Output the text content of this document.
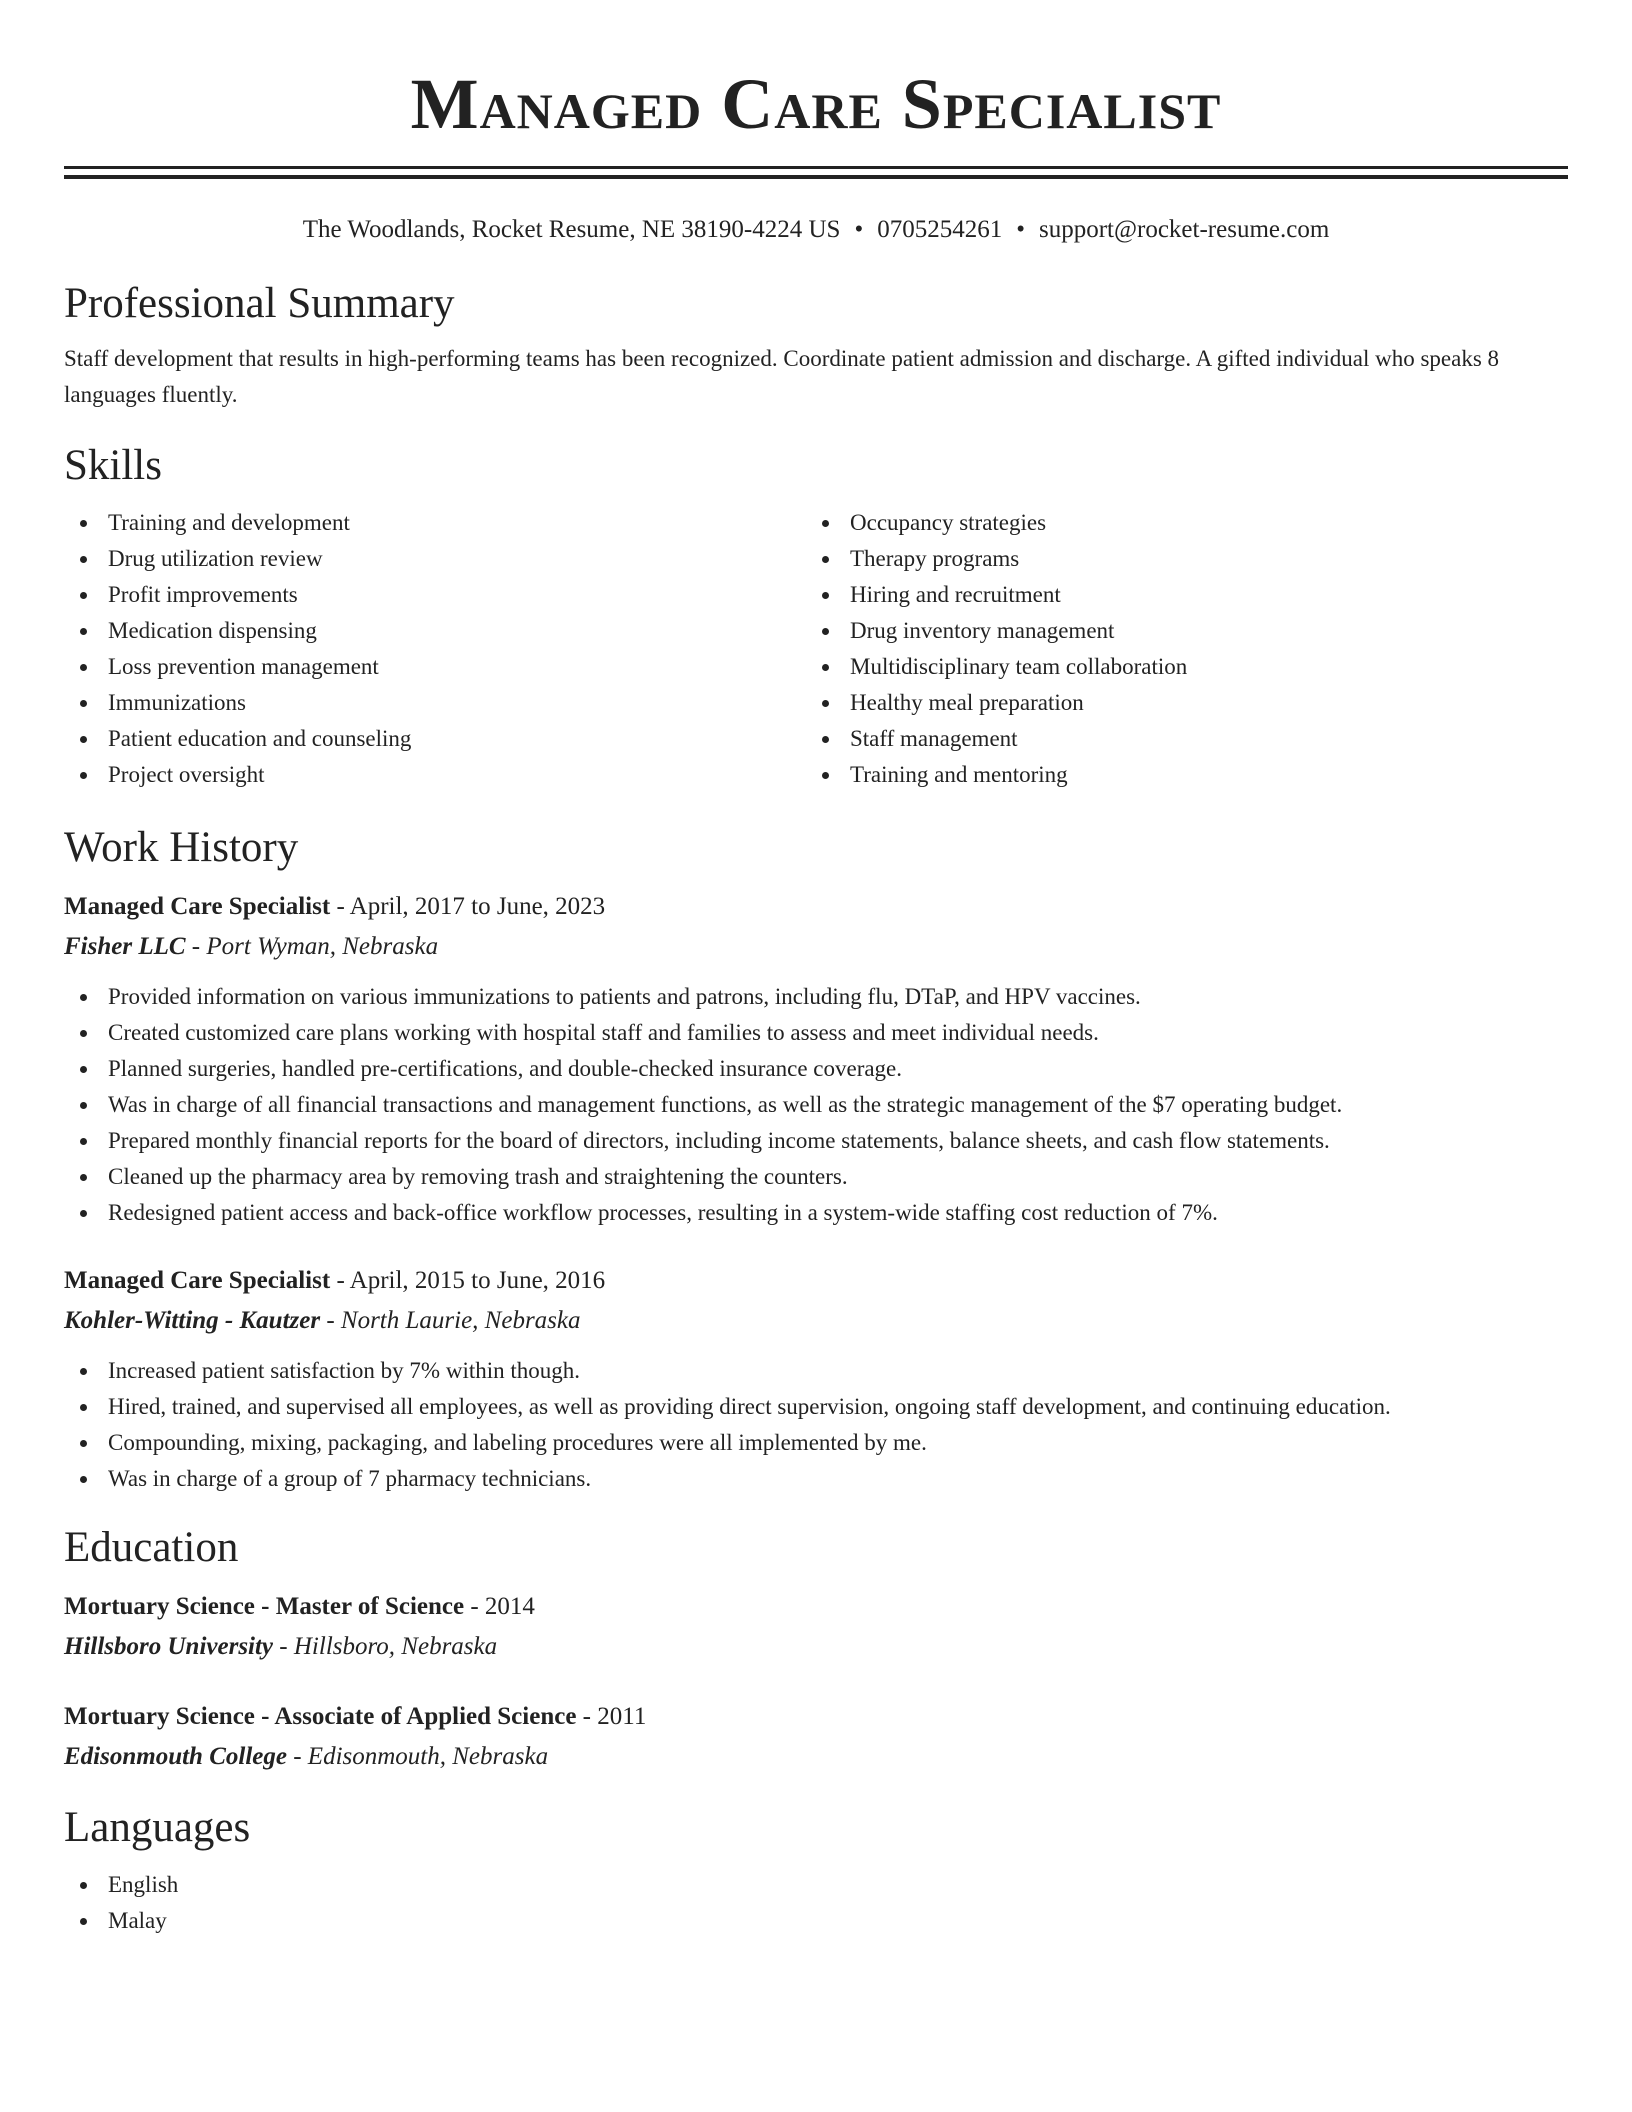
Managed Care Specialist
The Woodlands, Rocket Resume, NE 38190-4224 US • 0705254261 • support@rocket-resume.com
Professional Summary

Staff development that results in high-performing teams has been recognized. Coordinate patient admission and discharge. A gifted individual who speaks 8 languages fluently.

Skills
Training and development
Drug utilization review
Profit improvements
Medication dispensing
Loss prevention management
Immunizations
Patient education and counseling
Project oversight
Occupancy strategies
Therapy programs
Hiring and recruitment
Drug inventory management
Multidisciplinary team collaboration
Healthy meal preparation
Staff management
Training and mentoring
Work History

Managed Care Specialist - April, 2017 to June, 2023

Fisher LLC - Port Wyman, Nebraska

Provided information on various immunizations to patients and patrons, including flu, DTaP, and HPV vaccines.
Created customized care plans working with hospital staff and families to assess and meet individual needs.
Planned surgeries, handled pre-certifications, and double-checked insurance coverage.
Was in charge of all financial transactions and management functions, as well as the strategic management of the $7 operating budget.
Prepared monthly financial reports for the board of directors, including income statements, balance sheets, and cash flow statements.
Cleaned up the pharmacy area by removing trash and straightening the counters.
Redesigned patient access and back-office workflow processes, resulting in a system-wide staffing cost reduction of 7%.

Managed Care Specialist - April, 2015 to June, 2016

Kohler-Witting - Kautzer - North Laurie, Nebraska

Increased patient satisfaction by 7% within though.
Hired, trained, and supervised all employees, as well as providing direct supervision, ongoing staff development, and continuing education.
Compounding, mixing, packaging, and labeling procedures were all implemented by me.
Was in charge of a group of 7 pharmacy technicians.
Education

Mortuary Science - Master of Science - 2014

Hillsboro University - Hillsboro, Nebraska

Mortuary Science - Associate of Applied Science - 2011

Edisonmouth College - Edisonmouth, Nebraska

Languages
English
Malay
